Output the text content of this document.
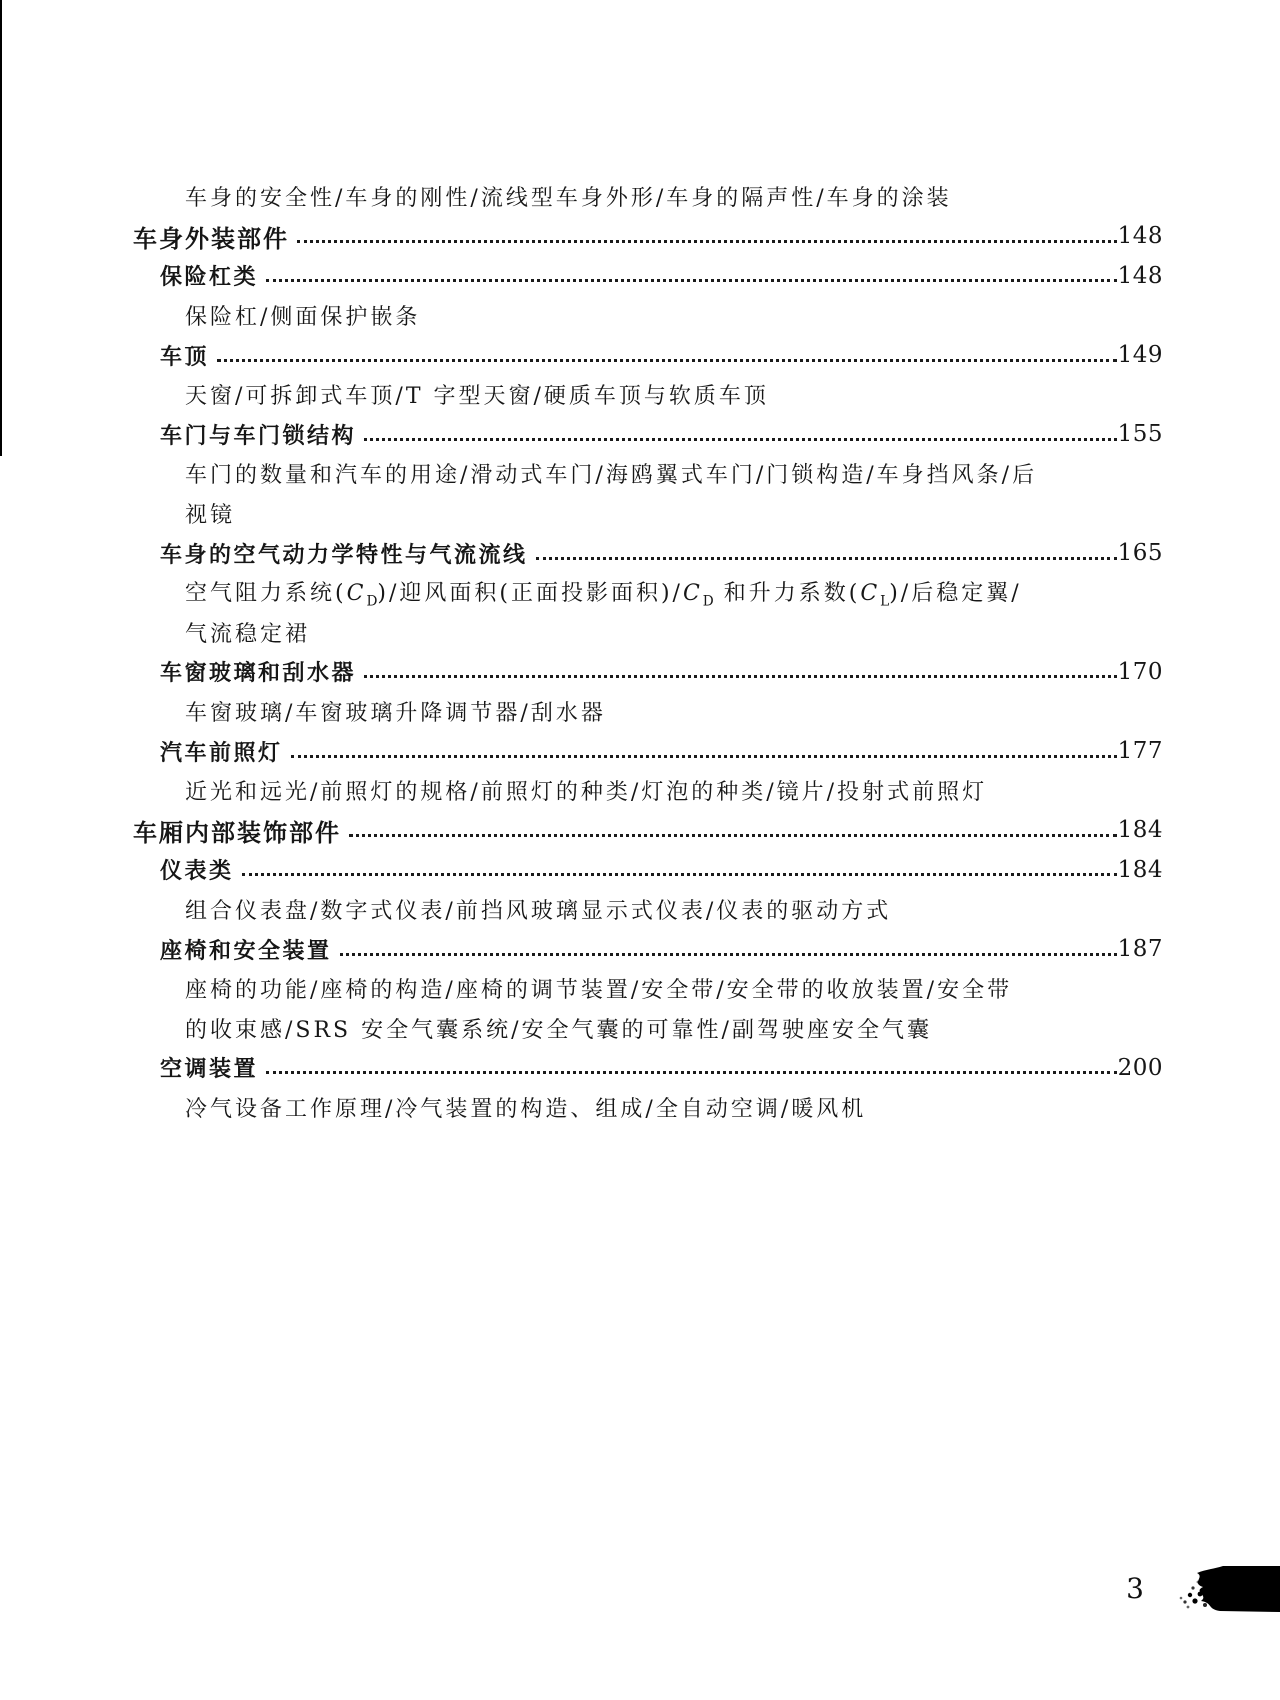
车身的安全性/车身的刚性/流线型车身外形/车身的隔声性/车身的涂装
车身外装部件	148
保险杠类	148
保险杠/侧面保护嵌条
车顶	149
天窗/可拆卸式车顶/T 字型天窗/硬质车顶与软质车顶
车门与车门锁结构	155
车门的数量和汽车的用途/滑动式车门/海鸥翼式车门/门锁构造/车身挡风条/后
视镜
车身的空气动力学特性与气流流线	165
空气阻力系统$(C_D)/$迎风面积(正面投影面积)$/C_D$ 和升力系数$(C_L)/$后稳定翼/
气流稳定裙
车窗玻璃和刮水器	170
车窗玻璃/车窗玻璃升降调节器/刮水器
汽车前照灯	177
近光和远光/前照灯的规格/前照灯的种类/灯泡的种类/镜片/投射式前照灯
车厢内部装饰部件	184
仪表类	184
组合仪表盘/数字式仪表/前挡风玻璃显示式仪表/仪表的驱动方式
座椅和安全装置	187
座椅的功能/座椅的构造/座椅的调节装置/安全带/安全带的收放装置/安全带
的收束感/SRS 安全气囊系统/安全气囊的可靠性/副驾驶座安全气囊
空调装置	200
冷气设备工作原理/冷气装置的构造、组成/全自动空调/暖风机
3
